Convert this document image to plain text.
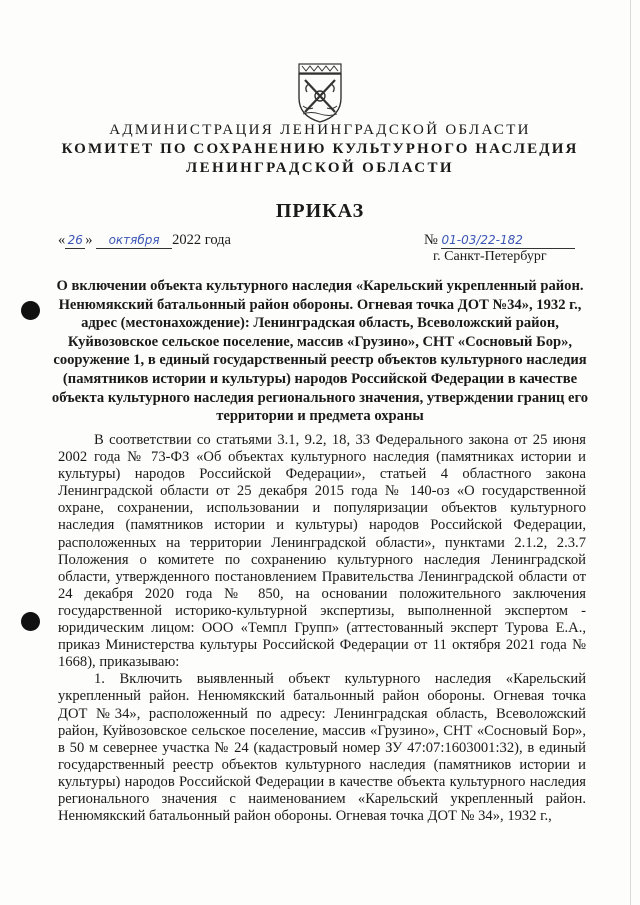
АДМИНИСТРАЦИЯ ЛЕНИНГРАДСКОЙ ОБЛАСТИ
КОМИТЕТ ПО СОХРАНЕНИЮ КУЛЬТУРНОГО НАСЛЕДИЯ
ЛЕНИНГРАДСКОЙ ОБЛАСТИ
ПРИКАЗ
« 26 » октября 2022 года	№ 01-03/22-182
г. Санкт-Петербург
О включении объекта культурного наследия «Карельский укрепленный район. Ненюмякский батальонный район обороны. Огневая точка ДОТ №34», 1932 г., адрес (местонахождение): Ленинградская область, Всеволожский район, Куйвозовское сельское поселение, массив «Грузино», СНТ «Сосновый Бор», сооружение 1, в единый государственный реестр объектов культурного наследия (памятников истории и культуры) народов Российской Федерации в качестве объекта культурного наследия регионального значения, утверждении границ его территории и предмета охраны

В соответствии со статьями 3.1, 9.2, 18, 33 Федерального закона от 25 июня 2002 года № 73-ФЗ «Об объектах культурного наследия (памятниках истории и культуры) народов Российской Федерации», статьей 4 областного закона Ленинградской области от 25 декабря 2015 года № 140-оз «О государственной охране, сохранении, использовании и популяризации объектов культурного наследия (памятников истории и культуры) народов Российской Федерации, расположенных на территории Ленинградской области», пунктами 2.1.2, 2.3.7 Положения о комитете по сохранению культурного наследия Ленинградской области, утвержденного постановлением Правительства Ленинградской области от 24 декабря 2020 года № 850, на основании положительного заключения государственной историко-культурной экспертизы, выполненной экспертом - юридическим лицом: ООО «Темпл Групп» (аттестованный эксперт Турова Е.А., приказ Министерства культуры Российской Федерации от 11 октября 2021 года № 1668), приказываю:

1. Включить выявленный объект культурного наследия «Карельский укрепленный район. Ненюмякский батальонный район обороны. Огневая точка ДОТ №34», расположенный по адресу: Ленинградская область, Всеволожский район, Куйвозовское сельское поселение, массив «Грузино», СНТ «Сосновый Бор», в 50 м севернее участка № 24 (кадастровый номер ЗУ 47:07:1603001:32), в единый государственный реестр объектов культурного наследия (памятников истории и культуры) народов Российской Федерации в качестве объекта культурного наследия регионального значения с наименованием «Карельский укрепленный район. Ненюмякский батальонный район обороны. Огневая точка ДОТ № 34», 1932 г.,
